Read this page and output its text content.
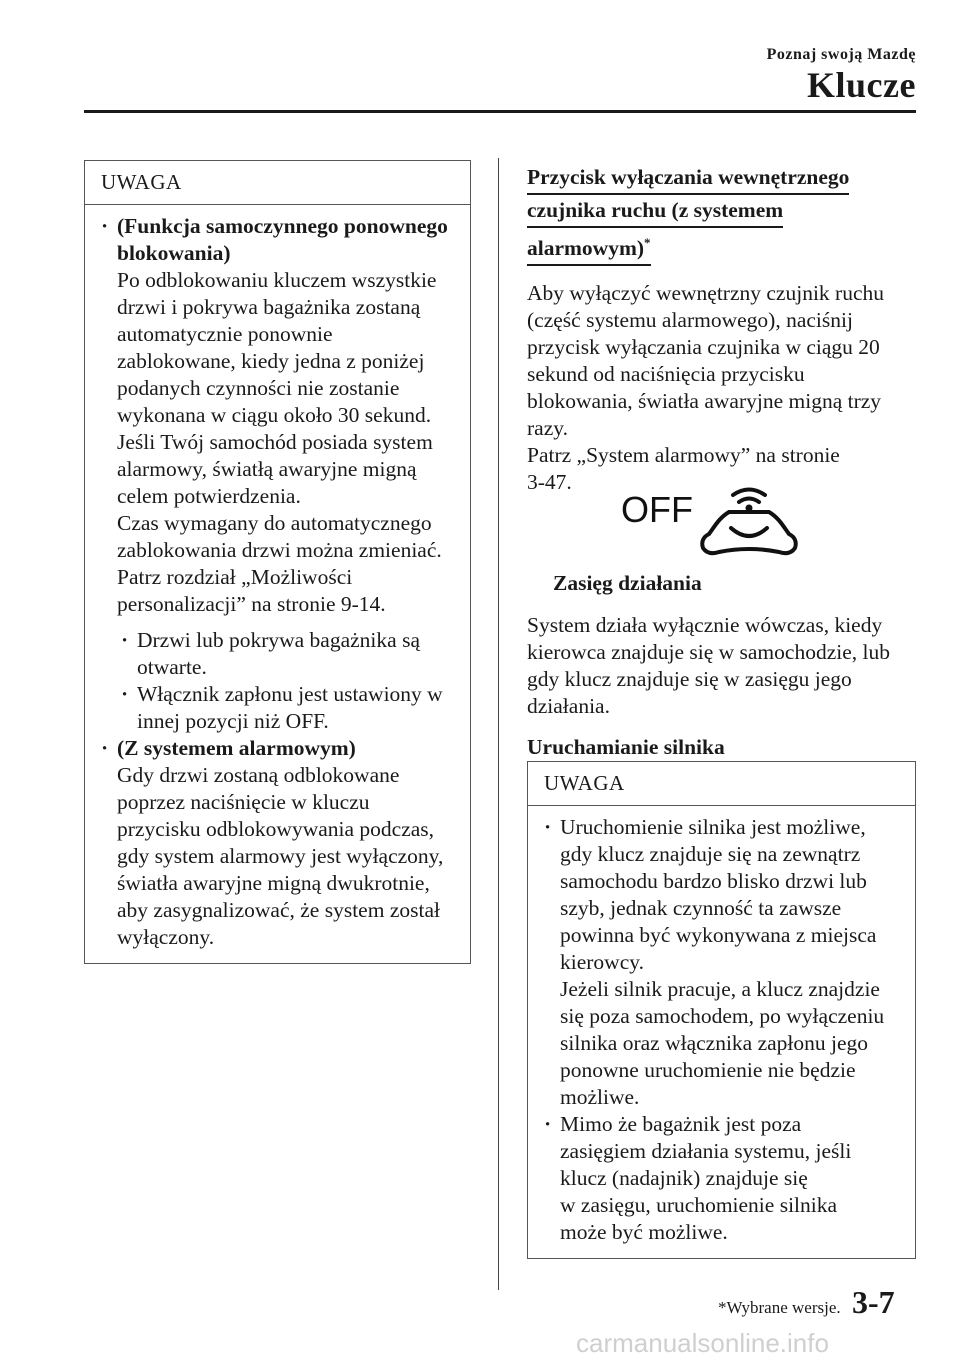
Poznaj swoją Mazdę
Klucze
UWAGA
· (Funkcja samoczynnego ponownego blokowania)
Po odblokowaniu kluczem wszystkie
drzwi i pokrywa bagażnika zostaną
automatycznie ponownie
zablokowane, kiedy jedna z poniżej
podanych czynności nie zostanie
wykonana w ciągu około 30 sekund.
Jeśli Twój samochód posiada system
alarmowy, światłą awaryjne migną
celem potwierdzenia.
Czas wymagany do automatycznego
zablokowania drzwi można zmieniać.
Patrz rozdział „Możliwości
personalizacji” na stronie 9-14.
· Drzwi lub pokrywa bagażnika są otwarte.
· Włącznik zapłonu jest ustawiony w innej pozycji niż OFF.
· (Z systemem alarmowym)
Gdy drzwi zostaną odblokowane
poprzez naciśnięcie w kluczu
przycisku odblokowywania podczas,
gdy system alarmowy jest wyłączony,
światła awaryjne migną dwukrotnie,
aby zasygnalizować, że system został
wyłączony.
Przycisk wyłączania wewnętrznego
czujnika ruchu (z systemem
alarmowym)*
Aby wyłączyć wewnętrzny czujnik ruchu
(część systemu alarmowego), naciśnij
przycisk wyłączania czujnika w ciągu 20
sekund od naciśnięcia przycisku
blokowania, światła awaryjne migną trzy
razy.
Patrz „System alarmowy” na stronie
3-47.
OFF
Zasięg działania
System działa wyłącznie wówczas, kiedy
kierowca znajduje się w samochodzie, lub
gdy klucz znajduje się w zasięgu jego
działania.
Uruchamianie silnika
UWAGA
· Uruchomienie silnika jest możliwe,
gdy klucz znajduje się na zewnątrz
samochodu bardzo blisko drzwi lub
szyb, jednak czynność ta zawsze
powinna być wykonywana z miejsca
kierowcy.
Jeżeli silnik pracuje, a klucz znajdzie
się poza samochodem, po wyłączeniu
silnika oraz włącznika zapłonu jego
ponowne uruchomienie nie będzie
możliwe.
· Mimo że bagażnik jest poza
zasięgiem działania systemu, jeśli
klucz (nadajnik) znajduje się
w zasięgu, uruchomienie silnika
może być możliwe.
*Wybrane wersje. 3-7
carmanualsonline.info
